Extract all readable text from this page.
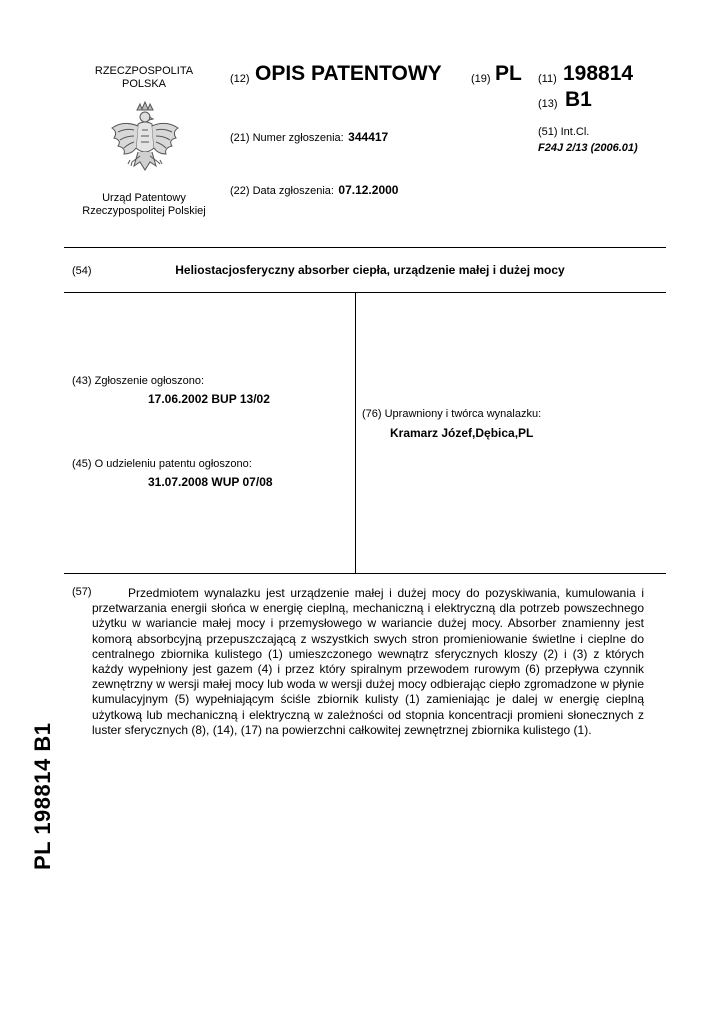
RZECZPOSPOLITA
POLSKA
Urząd Patentowy
Rzeczypospolitej Polskiej
(12) OPIS PATENTOWY	(19) PL (11) 198814
(13) B1
(21) Numer zgłoszenia: 344417
(22) Data zgłoszenia: 07.12.2000
(51) Int.Cl.
F24J 2/13 (2006.01)
(54)	Heliostacjosferyczny absorber ciepła, urządzenie małej i dużej mocy
(43) Zgłoszenie ogłoszono:
17.06.2002 BUP 13/02
(45) O udzieleniu patentu ogłoszono:
31.07.2008 WUP 07/08
(76) Uprawniony i twórca wynalazku:
Kramarz Józef,Dębica,PL
(57)	Przedmiotem wynalazku jest urządzenie małej i dużej mocy do pozyskiwania, kumulowania i przetwarzania energii słońca w energię cieplną, mechaniczną i elektryczną dla potrzeb powszechnego użytku w wariancie małej mocy i przemysłowego w wariancie dużej mocy. Absorber znamienny jest komorą absorbcyjną przepuszczającą z wszystkich swych stron promieniowanie świetlne i cieplne do centralnego zbiornika kulistego (1) umieszczonego wewnątrz sferycznych kloszy (2) i (3) z których każdy wypełniony jest gazem (4) i przez który spiralnym przewodem rurowym (6) przepływa czynnik zewnętrzny w wersji małej mocy lub woda w wersji dużej mocy odbierając ciepło zgromadzone w płynie kumulacyjnym (5) wypełniającym ściśle zbiornik kulisty (1) zamieniając je dalej w energię cieplną użytkową lub mechaniczną i elektryczną w zależności od stopnia koncentracji promieni słonecznych z luster sferycznych (8), (14), (17) na powierzchni całkowitej zewnętrznej zbiornika kulistego (1).

PL 198814 B1
